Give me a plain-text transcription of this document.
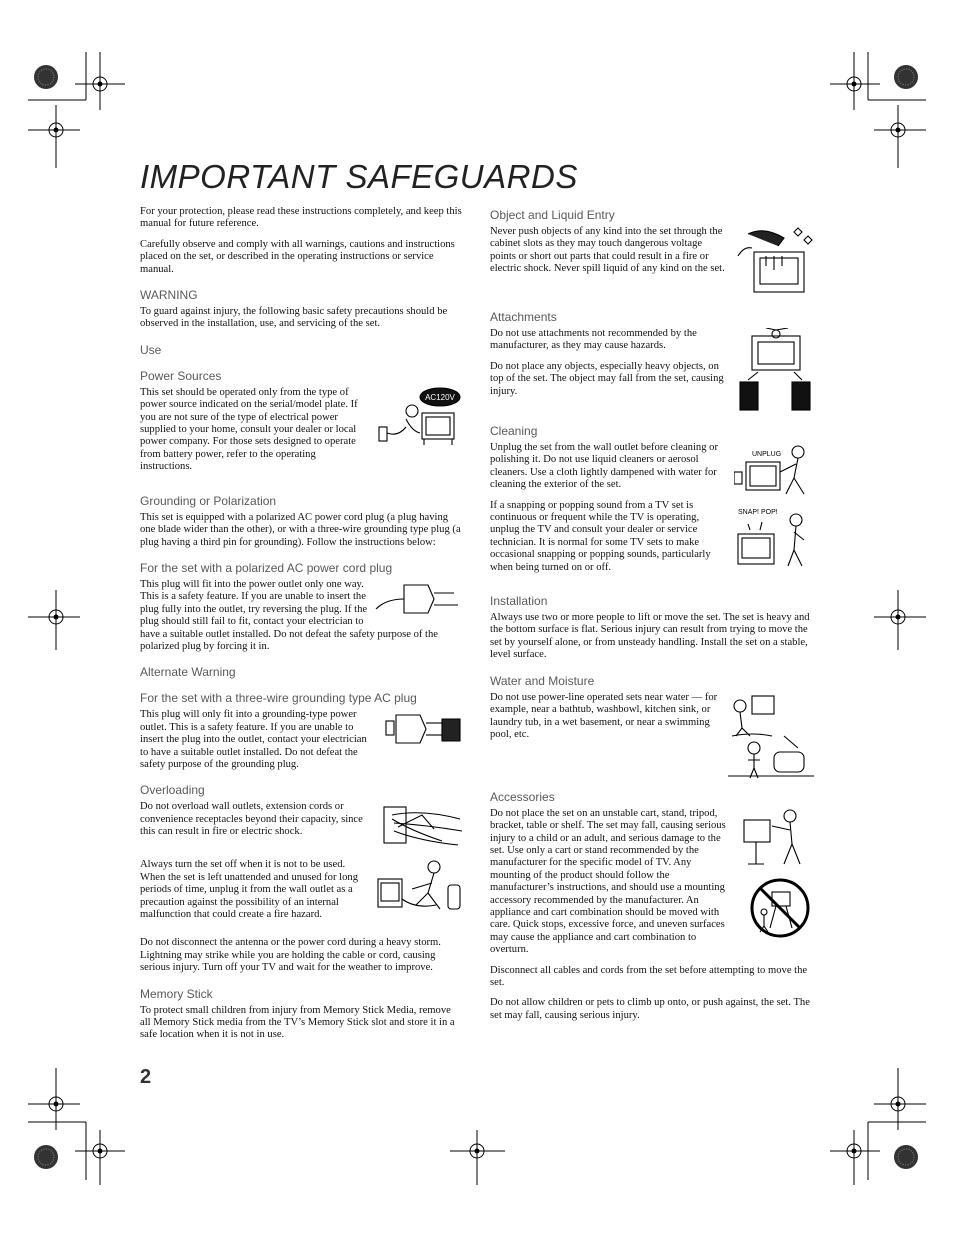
IMPORTANT SAFEGUARDS

For your protection, please read these instructions completely, and keep this manual for future reference.

Carefully observe and comply with all warnings, cautions and instructions placed on the set, or described in the operating instructions or service manual.

WARNING

To guard against injury, the following basic safety precautions should be observed in the installation, use, and servicing of the set.

Use
Power Sources

This set should be operated only from the type of power source indicated on the serial/model plate. If you are not sure of the type of electrical power supplied to your home, consult your dealer or local power company. For those sets designed to operate from battery power, refer to the operating instructions.

AC120V
Grounding or Polarization

This set is equipped with a polarized AC power cord plug (a plug having one blade wider than the other), or with a three-wire grounding type plug (a plug having a third pin for grounding). Follow the instructions below:

For the set with a polarized AC power cord plug

This plug will fit into the power outlet only one way. This is a safety feature. If you are unable to insert the plug fully into the outlet, try reversing the plug. If the plug should still fail to fit, contact your electrician to have a suitable outlet installed. Do not defeat the safety purpose of the polarized plug by forcing it in.

Alternate Warning
For the set with a three-wire grounding type AC plug

This plug will only fit into a grounding-type power outlet. This is a safety feature. If you are unable to insert the plug into the outlet, contact your electrician to have a suitable outlet installed. Do not defeat the safety purpose of the grounding plug.

Overloading

Do not overload wall outlets, extension cords or convenience receptacles beyond their capacity, since this can result in fire or electric shock.

Always turn the set off when it is not to be used. When the set is left unattended and unused for long periods of time, unplug it from the wall outlet as a precaution against the possibility of an internal malfunction that could create a fire hazard.

Do not disconnect the antenna or the power cord during a heavy storm. Lightning may strike while you are holding the cable or cord, causing serious injury. Turn off your TV and wait for the weather to improve.

Memory Stick

To protect small children from injury from Memory Stick Media, remove all Memory Stick media from the TV’s Memory Stick slot and store it in a safe location when it is not in use.

Object and Liquid Entry

Never push objects of any kind into the set through the cabinet slots as they may touch dangerous voltage points or short out parts that could result in a fire or electric shock. Never spill liquid of any kind on the set.

Attachments

Do not use attachments not recommended by the manufacturer, as they may cause hazards.

Do not place any objects, especially heavy objects, on top of the set. The object may fall from the set, causing injury.

Cleaning

Unplug the set from the wall outlet before cleaning or polishing it. Do not use liquid cleaners or aerosol cleaners. Use a cloth lightly dampened with water for cleaning the exterior of the set.

UNPLUG

If a snapping or popping sound from a TV set is continuous or frequent while the TV is operating, unplug the TV and consult your dealer or service technician. It is normal for some TV sets to make occasional snapping or popping sounds, particularly when being turned on or off.

SNAP! POP!
Installation

Always use two or more people to lift or move the set. The set is heavy and the bottom surface is flat. Serious injury can result from trying to move the set by yourself alone, or from unsteady handling. Install the set on a stable, level surface.

Water and Moisture

Do not use power-line operated sets near water — for example, near a bathtub, washbowl, kitchen sink, or laundry tub, in a wet basement, or near a swimming pool, etc.

Accessories

Do not place the set on an unstable cart, stand, tripod, bracket, table or shelf. The set may fall, causing serious injury to a child or an adult, and serious damage to the set. Use only a cart or stand recommended by the manufacturer for the specific model of TV. Any mounting of the product should follow the manufacturer’s instructions, and should use a mounting accessory recommended by the manufacturer. An appliance and cart combination should be moved with care. Quick stops, excessive force, and uneven surfaces may cause the appliance and cart combination to overturn.

Disconnect all cables and cords from the set before attempting to move the set.

Do not allow children or pets to climb up onto, or push against, the set. The set may fall, causing serious injury.

2
